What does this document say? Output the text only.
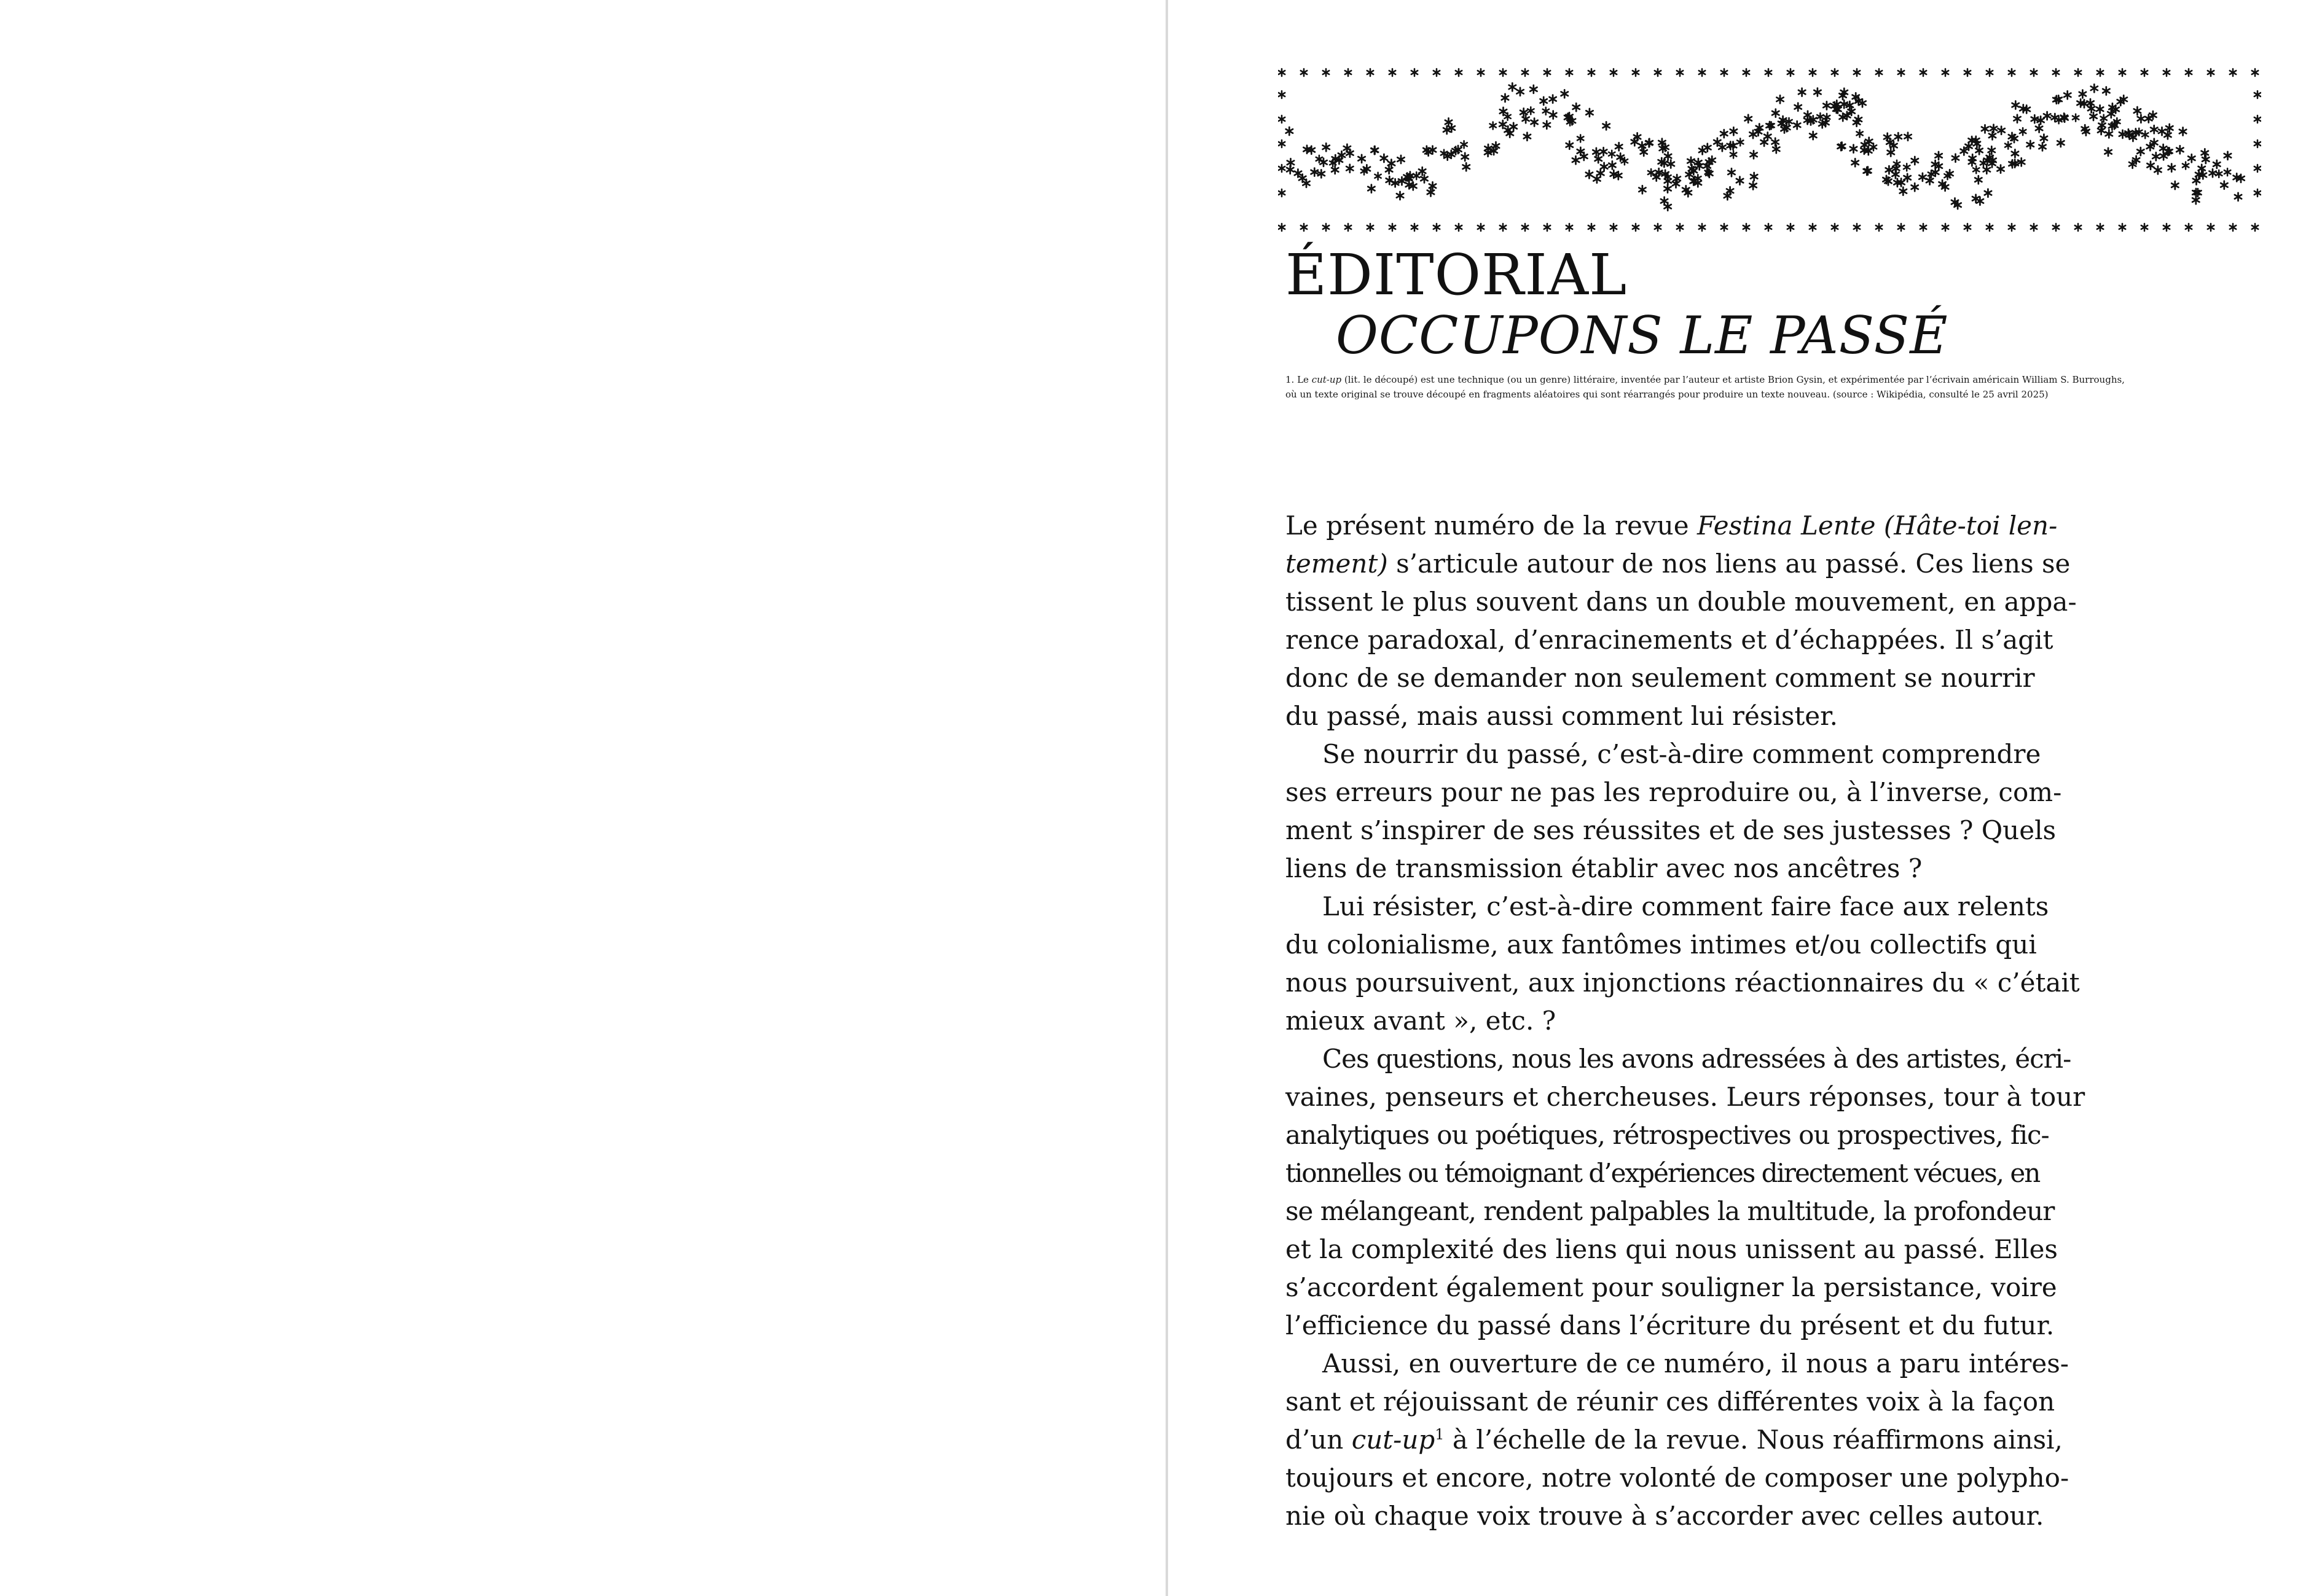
ÉDITORIAL
OCCUPONS LE PASSÉ

1. Le cut-up (lit. le découpé) est une technique (ou un genre) littéraire, inventée par l’auteur et artiste Brion Gysin, et expérimentée par l’écrivain américain William S. Burroughs,

où un texte original se trouve découpé en fragments aléatoires qui sont réarrangés pour produire un texte nouveau. (source : Wikipédia, consulté le 25 avril 2025)

Le présent numéro de la revue Festina Lente (Hâte-toi len-
tement) s’articule autour de nos liens au passé. Ces liens se
tissent le plus souvent dans un double mouvement, en appa-
rence paradoxal, d’enracinements et d’échappées. Il s’agit
donc de se demander non seulement comment se nourrir
du passé, mais aussi comment lui résister.
Se nourrir du passé, c’est-à-dire comment comprendre
ses erreurs pour ne pas les reproduire ou, à l’inverse, com-
ment s’inspirer de ses réussites et de ses justesses ? Quels
liens de transmission établir avec nos ancêtres ?
Lui résister, c’est-à-dire comment faire face aux relents
du colonialisme, aux fantômes intimes et/ou collectifs qui
nous poursuivent, aux injonctions réactionnaires du « c’était
mieux avant », etc. ?
Ces questions, nous les avons adressées à des artistes, écri-
vaines, penseurs et chercheuses. Leurs réponses, tour à tour
analytiques ou poétiques, rétrospectives ou prospectives, fic-
tionnelles ou témoignant d’expériences directement vécues, en
se mélangeant, rendent palpables la multitude, la profondeur
et la complexité des liens qui nous unissent au passé. Elles
s’accordent également pour souligner la persistance, voire
l’efficience du passé dans l’écriture du présent et du futur.
Aussi, en ouverture de ce numéro, il nous a paru intéres-
sant et réjouissant de réunir ces différentes voix à la façon
d’un cut-$up^1$ à l’échelle de la revue. Nous réaffirmons ainsi,
toujours et encore, notre volonté de composer une polypho-
nie où chaque voix trouve à s’accorder avec celles autour.
